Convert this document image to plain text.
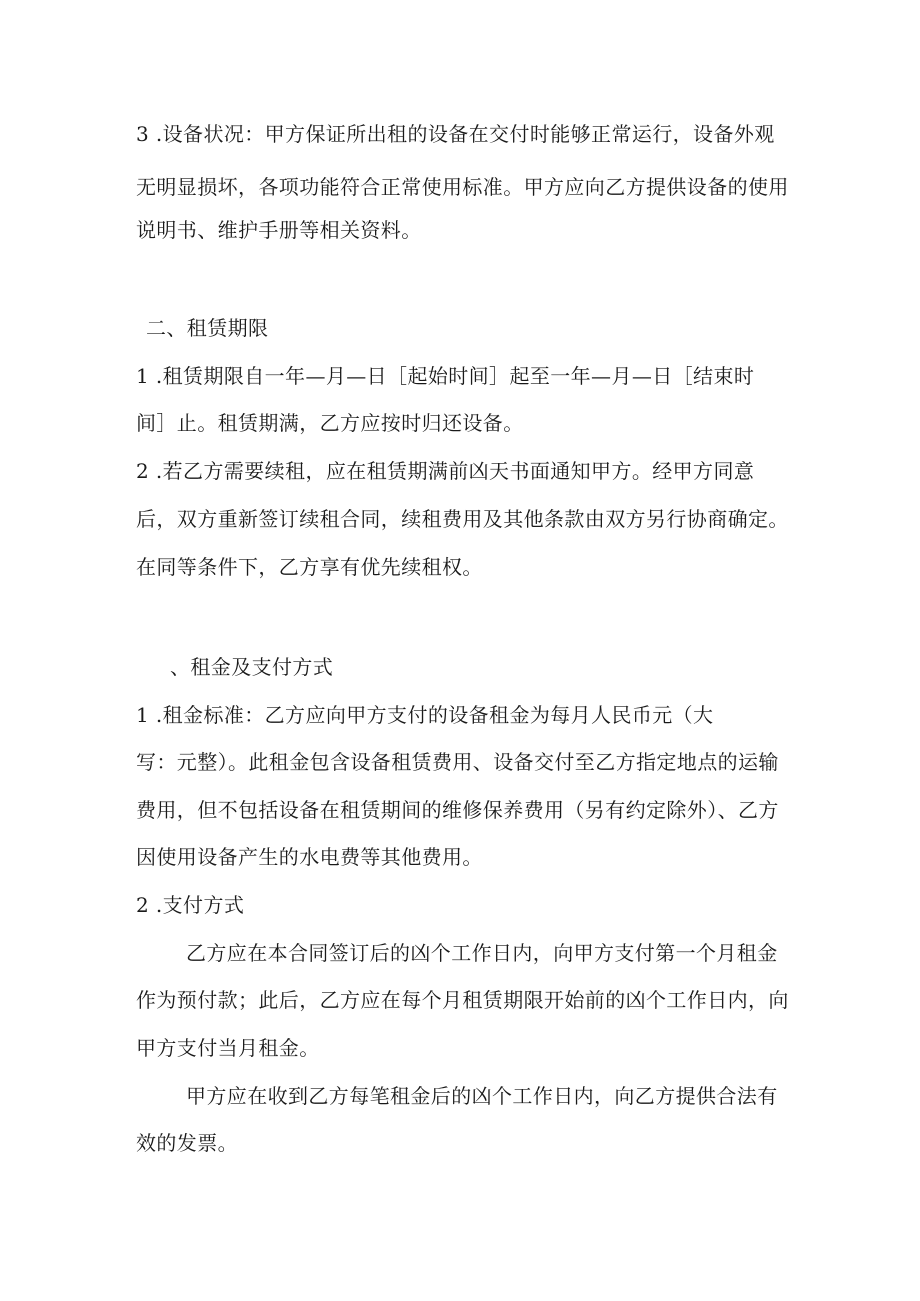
3 .设备状况：甲方保证所出租的设备在交付时能够正常运行，设备外观
无明显损坏，各项功能符合正常使用标准。甲方应向乙方提供设备的使用
说明书、维护手册等相关资料。
二、租赁期限
1 .租赁期限自一年—月—日［起始时间］起至一年—月—日［结束时
间］止。租赁期满，乙方应按时归还设备。
2 .若乙方需要续租，应在租赁期满前凶天书面通知甲方。经甲方同意
后，双方重新签订续租合同，续租费用及其他条款由双方另行协商确定。
在同等条件下，乙方享有优先续租权。
、租金及支付方式
1 .租金标准：乙方应向甲方支付的设备租金为每月人民币元（大
写：元整）。此租金包含设备租赁费用、设备交付至乙方指定地点的运输
费用，但不包括设备在租赁期间的维修保养费用（另有约定除外）、乙方
因使用设备产生的水电费等其他费用。
2 .支付方式
乙方应在本合同签订后的凶个工作日内，向甲方支付第一个月租金
作为预付款；此后，乙方应在每个月租赁期限开始前的凶个工作日内，向
甲方支付当月租金。
甲方应在收到乙方每笔租金后的凶个工作日内，向乙方提供合法有
效的发票。
